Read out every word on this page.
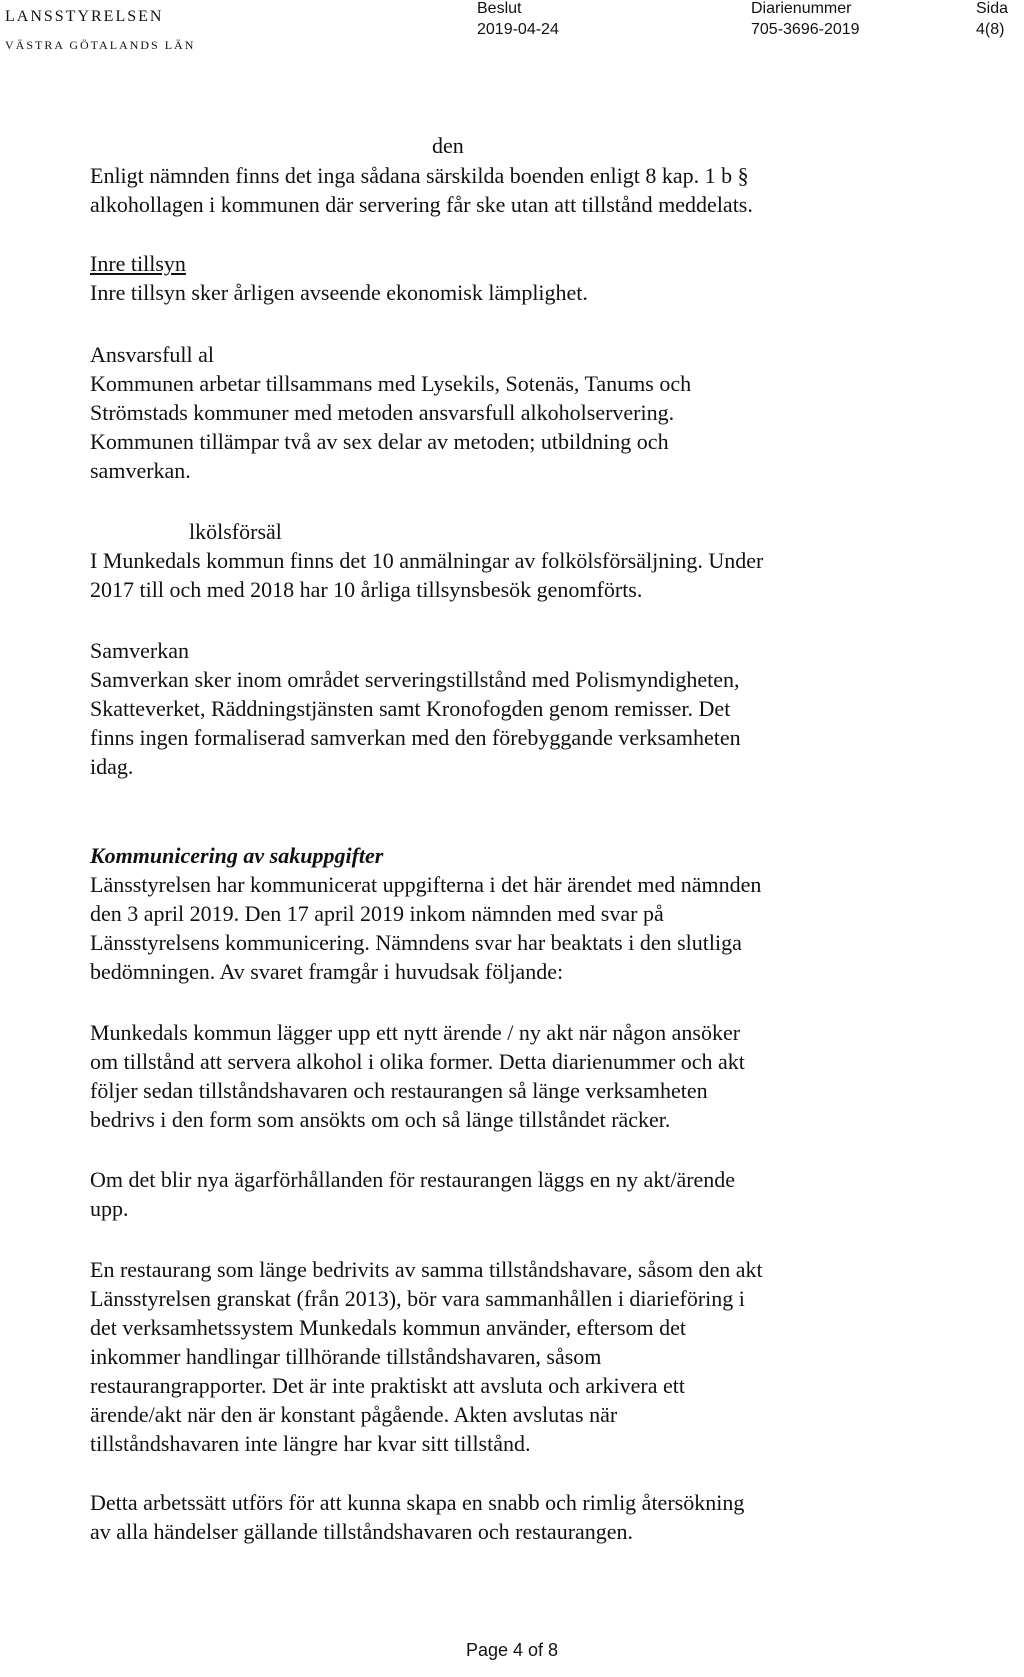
LANSSTYRELSEN
VÄSTRA GÖTALANDS LÄN
Beslut
2019-04-24
Diarienummer
705-3696-2019
Sida
4(8)
den
Enligt nämnden finns det inga sådana särskilda boenden enligt 8 kap. 1 b §
alkohollagen i kommunen där servering får ske utan att tillstånd meddelats.
Inre tillsyn
Inre tillsyn sker årligen avseende ekonomisk lämplighet.
Ansvarsfull al
Kommunen arbetar tillsammans med Lysekils, Sotenäs, Tanums och
Strömstads kommuner med metoden ansvarsfull alkoholservering.
Kommunen tillämpar två av sex delar av metoden; utbildning och
samverkan.
lkölsförsäl
I Munkedals kommun finns det 10 anmälningar av folkölsförsäljning. Under
2017 till och med 2018 har 10 årliga tillsynsbesök genomförts.
Samverkan
Samverkan sker inom området serveringstillstånd med Polismyndigheten,
Skatteverket, Räddningstjänsten samt Kronofogden genom remisser. Det
finns ingen formaliserad samverkan med den förebyggande verksamheten
idag.
Kommunicering av sakuppgifter
Länsstyrelsen har kommunicerat uppgifterna i det här ärendet med nämnden
den 3 april 2019. Den 17 april 2019 inkom nämnden med svar på
Länsstyrelsens kommunicering. Nämndens svar har beaktats i den slutliga
bedömningen. Av svaret framgår i huvudsak följande:
Munkedals kommun lägger upp ett nytt ärende / ny akt när någon ansöker
om tillstånd att servera alkohol i olika former. Detta diarienummer och akt
följer sedan tillståndshavaren och restaurangen så länge verksamheten
bedrivs i den form som ansökts om och så länge tillståndet räcker.
Om det blir nya ägarförhållanden för restaurangen läggs en ny akt/ärende
upp.
En restaurang som länge bedrivits av samma tillståndshavare, såsom den akt
Länsstyrelsen granskat (från 2013), bör vara sammanhållen i diarieföring i
det verksamhetssystem Munkedals kommun använder, eftersom det
inkommer handlingar tillhörande tillståndshavaren, såsom
restaurangrapporter. Det är inte praktiskt att avsluta och arkivera ett
ärende/akt när den är konstant pågående. Akten avslutas när
tillståndshavaren inte längre har kvar sitt tillstånd.
Detta arbetssätt utförs för att kunna skapa en snabb och rimlig återsökning
av alla händelser gällande tillståndshavaren och restaurangen.
Page 4 of 8
